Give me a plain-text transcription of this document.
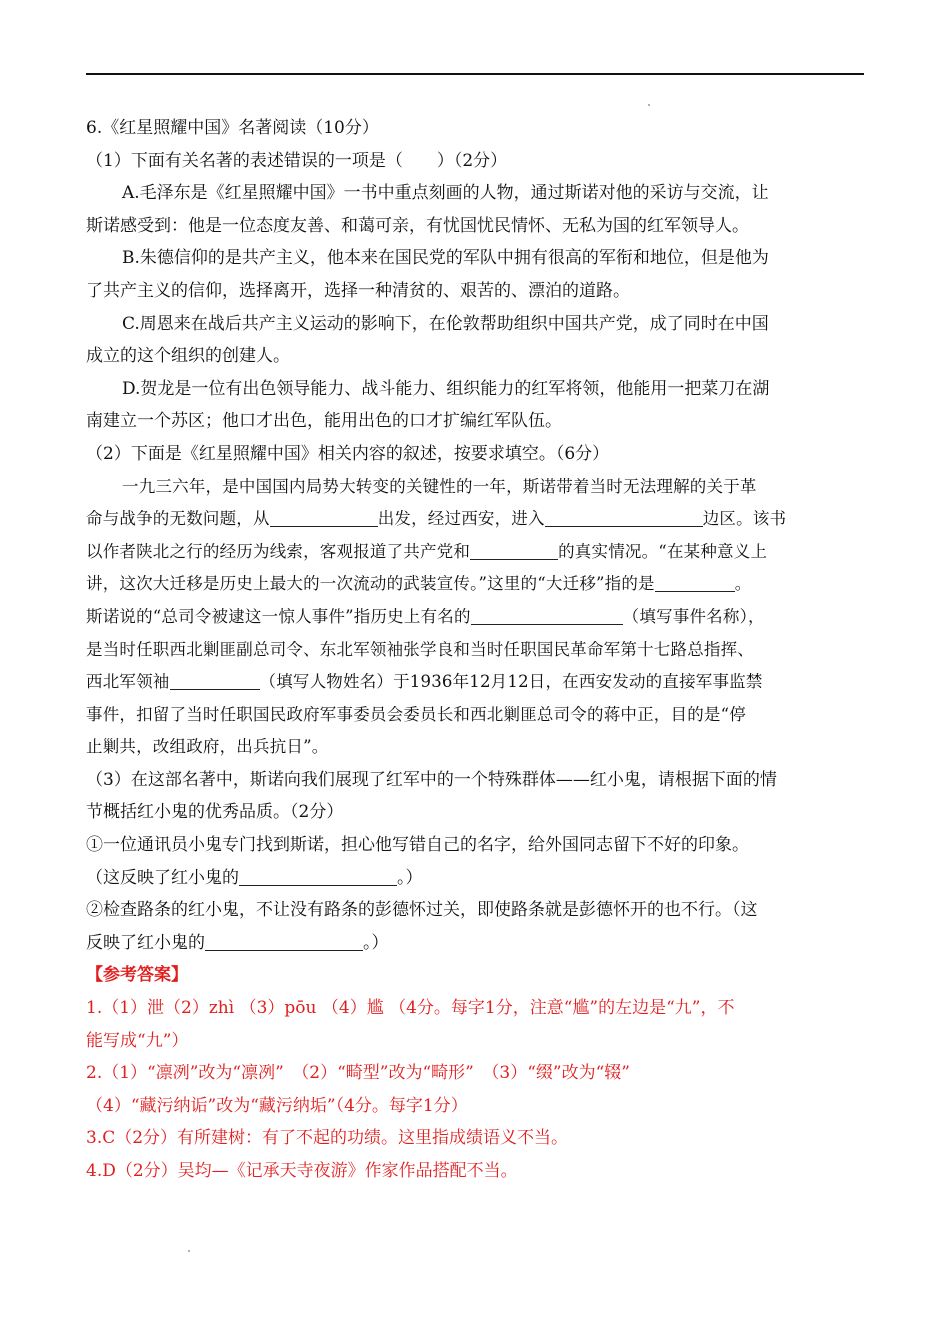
6.《红星照耀中国》名著阅读（10分）
（1）下面有关名著的表述错误的一项是（　　）（2分）
A.毛泽东是《红星照耀中国》一书中重点刻画的人物，通过斯诺对他的采访与交流，让
斯诺感受到：他是一位态度友善、和蔼可亲，有忧国忧民情怀、无私为国的红军领导人。
B.朱德信仰的是共产主义，他本来在国民党的军队中拥有很高的军衔和地位，但是他为
了共产主义的信仰，选择离开，选择一种清贫的、艰苦的、漂泊的道路。
C.周恩来在战后共产主义运动的影响下，在伦敦帮助组织中国共产党，成了同时在中国
成立的这个组织的创建人。
D.贺龙是一位有出色领导能力、战斗能力、组织能力的红军将领，他能用一把菜刀在湖
南建立一个苏区；他口才出色，能用出色的口才扩编红军队伍。
（2）下面是《红星照耀中国》相关内容的叙述，按要求填空。（6分）
一九三六年，是中国国内局势大转变的关键性的一年，斯诺带着当时无法理解的关于革
命与战争的无数问题，从	出发，经过西安，进入	边区。该书
以作者陕北之行的经历为线索，客观报道了共产党和	的真实情况。“在某种意义上
讲，这次大迁移是历史上最大的一次流动的武装宣传。”这里的“大迁移”指的是	。
斯诺说的“总司令被逮这一惊人事件”指历史上有名的	（填写事件名称），
是当时任职西北剿匪副总司令、东北军领袖张学良和当时任职国民革命军第十七路总指挥、
西北军领袖	（填写人物姓名）于1936年12月12日，在西安发动的直接军事监禁
事件，扣留了当时任职国民政府军事委员会委员长和西北剿匪总司令的蒋中正，目的是“停
止剿共，改组政府，出兵抗日”。
（3）在这部名著中，斯诺向我们展现了红军中的一个特殊群体——红小鬼，请根据下面的情
节概括红小鬼的优秀品质。（2分）
①一位通讯员小鬼专门找到斯诺，担心他写错自己的名字，给外国同志留下不好的印象。
（这反映了红小鬼的	。）
②检查路条的红小鬼，不让没有路条的彭德怀过关，即使路条就是彭德怀开的也不行。（这
反映了红小鬼的	。）
【参考答案】
1.（1）泄（2）zhì （3）pōu （4）尴 （4分。每字1分，注意“尴”的左边是“九”，不
能写成“九”）
2.（1）“凛冽”改为“凛冽”　（2）“畸型”改为“畸形”　（3）“缀”改为“辍”
（4）“藏污纳诟”改为“藏污纳垢”（4分。每字1分）
3.C（2分）有所建树：有了不起的功绩。这里指成绩语义不当。
4.D（2分）吴均—《记承天寺夜游》作家作品搭配不当。
